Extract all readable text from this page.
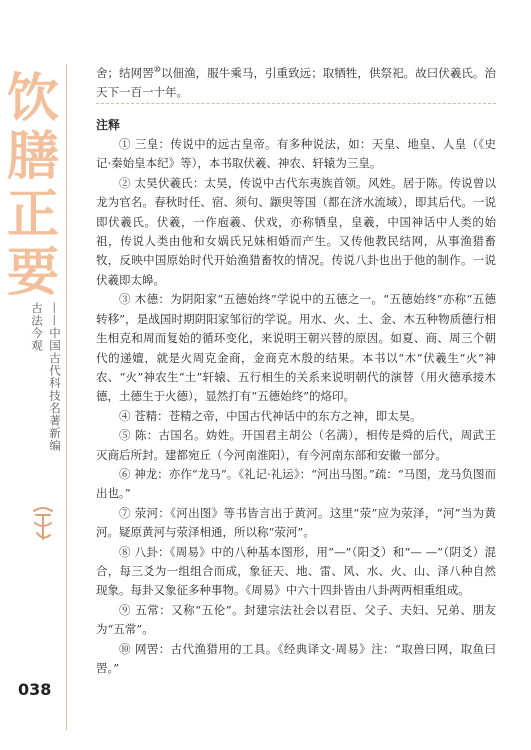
饮
膳
正
要
古法今观 ——中国古代科技名著新编
038

舍；结网罟⑩以佃渔，服牛乘马，引重致远；取牺牲，供祭祀。故曰伏羲氏。治天下一百一十年。

注释

① 三皇：传说中的远古皇帝。有多种说法，如：天皇、地皇、人皇（《史记·秦始皇本纪》等），本书取伏羲、神农、轩辕为三皇。

② 太昊伏羲氏：太昊，传说中古代东夷族首领。风姓。居于陈。传说曾以龙为官名。春秋时任、宿、须句、颛臾等国（都在济水流域），即其后代。一说即伏羲氏。伏羲，一作庖羲、伏戏，亦称牺皇，皇羲，中国神话中人类的始祖，传说人类由他和女娲氏兄妹相婚而产生。又传他教民结网，从事渔猎畜牧，反映中国原始时代开始渔猎畜牧的情况。传说八卦也出于他的制作。一说伏羲即太皞。

③ 木德：为阴阳家“五德始终”学说中的五德之一。“五德始终”亦称“五德转移”，是战国时期阴阳家邹衍的学说。用水、火、土、金、木五种物质德行相生相克和周而复始的循环变化，来说明王朝兴替的原因。如夏、商、周三个朝代的递嬗，就是火周克金商，金商克木殷的结果。本书以“木”伏羲生“火”神农、“火”神农生“土”轩辕、五行相生的关系来说明朝代的演替（用火德承接木德，土德生于火德），显然打有“五德始终”的烙印。

④ 苍精：苍精之帝，中国古代神话中的东方之神，即太昊。

⑤ 陈：古国名。妫姓。开国君主胡公（名满），相传是舜的后代，周武王灭商后所封。建都宛丘（今河南淮阳），有今河南东部和安徽一部分。

⑥ 神龙：亦作“龙马”。《礼记·礼运》：“河出马图。”疏：“马图，龙马负图而出也。”

⑦ 荥河：《河出图》等书皆言出于黄河。这里“荥”应为荥泽，“河”当为黄河。疑原黄河与荥泽相通，所以称“荥河”。

⑧ 八卦：《周易》中的八种基本图形，用“—”（阳爻）和“— —”（阴爻）混合，每三爻为一组组合而成，象征天、地、雷、风、水、火、山、泽八种自然现象。每卦又象征多种事物。《周易》中六十四卦皆由八卦两两相重组成。

⑨ 五常：又称“五伦”。封建宗法社会以君臣、父子、夫妇、兄弟、朋友为“五常”。

⑩ 网罟：古代渔猎用的工具。《经典译文·周易》注：“取兽曰网，取鱼曰罟。”
